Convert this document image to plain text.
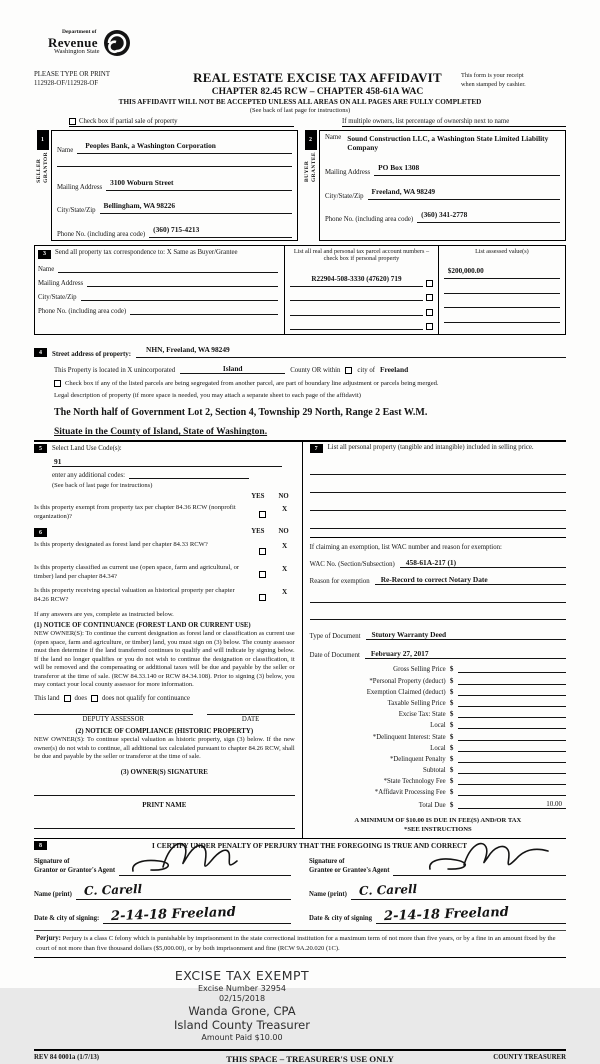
Department of
Revenue
Washington State
PLEASE TYPE OR PRINT
112928-OF/112928-OF	REAL ESTATE EXCISE TAX AFFIDAVIT
CHAPTER 82.45 RCW – CHAPTER 458-61A WAC
This form is your receipt
when stamped by cashier.
THIS AFFIDAVIT WILL NOT BE ACCEPTED UNLESS ALL AREAS ON ALL PAGES ARE FULLY COMPLETED
(See back of last page for instructions)
Check box if partial sale of property	If multiple owners, list percentage of ownership next to name
1
SELLER GRANTOR
Name
Peoples Bank, a Washington Corporation
Mailing Address
3100 Woburn Street
City/State/Zip
Bellingham, WA 98226
Phone No. (including area code)
(360) 715-4213
2
BUYER GRANTEE
Name Sound Construction LLC, a Washington State Limited Liability Company
Mailing Address
PO Box 1308
City/State/Zip
Freeland, WA 98249
Phone No. (including area code)
(360) 341-2778
3	Send all property tax correspondence to: X Same as Buyer/Grantee
Name
Mailing Address
City/State/Zip
Phone No. (including area code)
List all real and personal tax parcel account numbers – check box if personal property
R22904-508-3330 (47620) 719
List assessed value(s)
$200,000.00
4	Street address of property:
NHN, Freeland, WA 98249
This Property is located in X unincorporated	Island	County OR within	city of Freeland
Check box if any of the listed parcels are being segregated from another parcel, are part of boundary line adjustment or parcels being merged.
Legal description of property (if more space is needed, you may attach a separate sheet to each page of the affidavit)
The North half of Government Lot 2, Section 4, Township 29 North, Range 2 East W.M.
Situate in the County of Island, State of Washington.
5	Select Land Use Code(s):
91
enter any additional codes:
(See back of last page for instructions)
YES NO
Is this property exempt from property tax per chapter 84.36 RCW (nonprofit organization)?
X
6	YES NO
Is this property designated as forest land per chapter 84.33 RCW?	X
Is this property classified as current use (open space, farm and agricultural, or timber) land per chapter 84.34?
X
Is this property receiving special valuation as historical property per chapter 84.26 RCW?
X
If any answers are yes, complete as instructed below.
(1) NOTICE OF CONTINUANCE (FOREST LAND OR CURRENT USE)
NEW OWNER(S): To continue the current designation as forest land or classification as current use (open space, farm and agriculture, or timber) land, you must sign on (3) below. The county assessor must then determine if the land transferred continues to qualify and will indicate by signing below. If the land no longer qualifies or you do not wish to continue the designation or classification, it will be removed and the compensating or additional taxes will be due and payable by the seller or transferor at the time of sale. (RCW 84.33.140 or RCW 84.34.108). Prior to signing (3) below, you may contact your local county assessor for more information.
This land does does not qualify for continuance
DEPUTY ASSESSOR	DATE
(2) NOTICE OF COMPLIANCE (HISTORIC PROPERTY)
NEW OWNER(S): To continue special valuation as historic property, sign (3) below. If the new owner(s) do not wish to continue, all additional tax calculated pursuant to chapter 84.26 RCW, shall be due and payable by the seller or transferor at the time of sale.
(3) OWNER(S) SIGNATURE
PRINT NAME
7	List all personal property (tangible and intangible) included in selling price.
If claiming an exemption, list WAC number and reason for exemption:
WAC No. (Section/Subsection)	458-61A-217 (1)
Reason for exemption	Re-Record to correct Notary Date
Type of Document	Stutory Warranty Deed
Date of Document	February 27, 2017
Gross Selling Price $
*Personal Property (deduct) $
Exemption Claimed (deduct) $
Taxable Selling Price $
Excise Tax: State $
Local $
*Delinquent Interest: State $
Local $
*Delinquent Penalty $
Subtotal $
*State Technology Fee $
*Affidavit Processing Fee $
Total Due $	10.00
A MINIMUM OF $10.00 IS DUE IN FEE(S) AND/OR TAX
*SEE INSTRUCTIONS
8	I CERTIFY UNDER PENALTY OF PERJURY THAT THE FOREGOING IS TRUE AND CORRECT
Signature of
Grantor or Grantor's Agent
Name (print) C. Carell
Date & city of signing: 2-14-18 Freeland
Signature of
Grantee or Grantee's Agent
Name (print) C. Carell
Date & city of signing 2-14-18 Freeland
Perjury: Perjury is a class C felony which is punishable by imprisonment in the state correctional institution for a maximum term of not more than five years, or by a fine in an amount fixed by the court of not more than five thousand dollars ($5,000.00), or by both imprisonment and fine (RCW 9A.20.020 (1C).
EXCISE TAX EXEMPT
Excise Number 32954
02/15/2018
Wanda Grone, CPA
Island County Treasurer
Amount Paid $10.00
REV 84 0001a (1/7/13)	THIS SPACE – TREASURER'S USE ONLY	COUNTY TREASURER
